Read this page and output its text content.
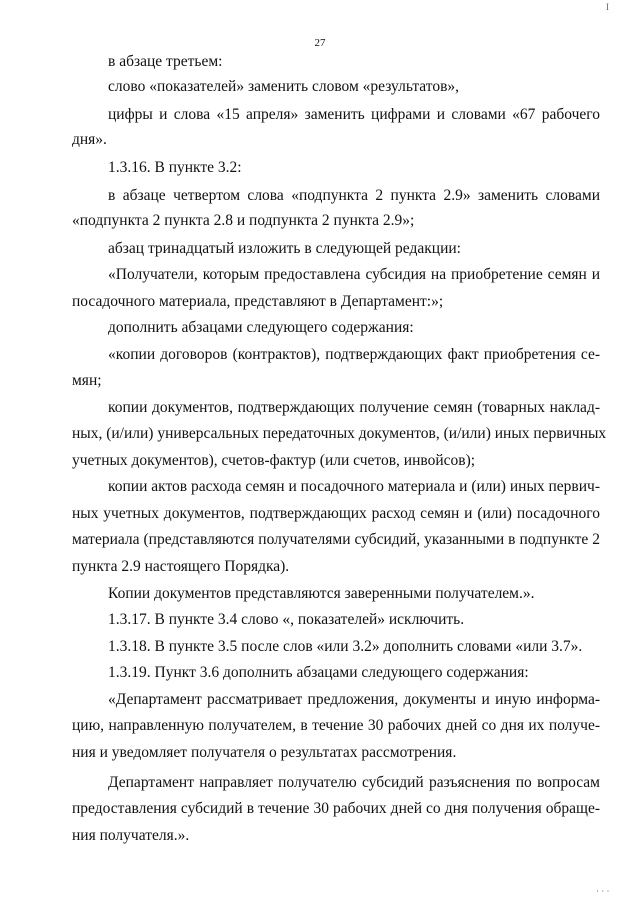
I
27
в абзаце третьем:
слово «показателей» заменить словом «результатов»,
цифры и слова «15 апреля» заменить цифрами и словами «67 рабочего
дня».
1.3.16. В пункте 3.2:
в абзаце четвертом слова «подпункта 2 пункта 2.9» заменить словами
«подпункта 2 пункта 2.8 и подпункта 2 пункта 2.9»;
абзац тринадцатый изложить в следующей редакции:
«Получатели, которым предоставлена субсидия на приобретение семян и
посадочного материала, представляют в Департамент:»;
дополнить абзацами следующего содержания:
«копии договоров (контрактов), подтверждающих факт приобретения се-
мян;
копии документов, подтверждающих получение семян (товарных наклад-
ных, (и/или) универсальных передаточных документов, (и/или) иных первичных
учетных документов), счетов-фактур (или счетов, инвойсов);
копии актов расхода семян и посадочного материала и (или) иных первич-
ных учетных документов, подтверждающих расход семян и (или) посадочного
материала (представляются получателями субсидий, указанными в подпункте 2
пункта 2.9 настоящего Порядка).
Копии документов представляются заверенными получателем.».
1.3.17. В пункте 3.4 слово «, показателей» исключить.
1.3.18. В пункте 3.5 после слов «или 3.2» дополнить словами «или 3.7».
1.3.19. Пункт 3.6 дополнить абзацами следующего содержания:
«Департамент рассматривает предложения, документы и иную информа-
цию, направленную получателем, в течение 30 рабочих дней со дня их получе-
ния и уведомляет получателя о результатах рассмотрения.
Департамент направляет получателю субсидий разъяснения по вопросам
предоставления субсидий в течение 30 рабочих дней со дня получения обраще-
ния получателя.».
· · ·
